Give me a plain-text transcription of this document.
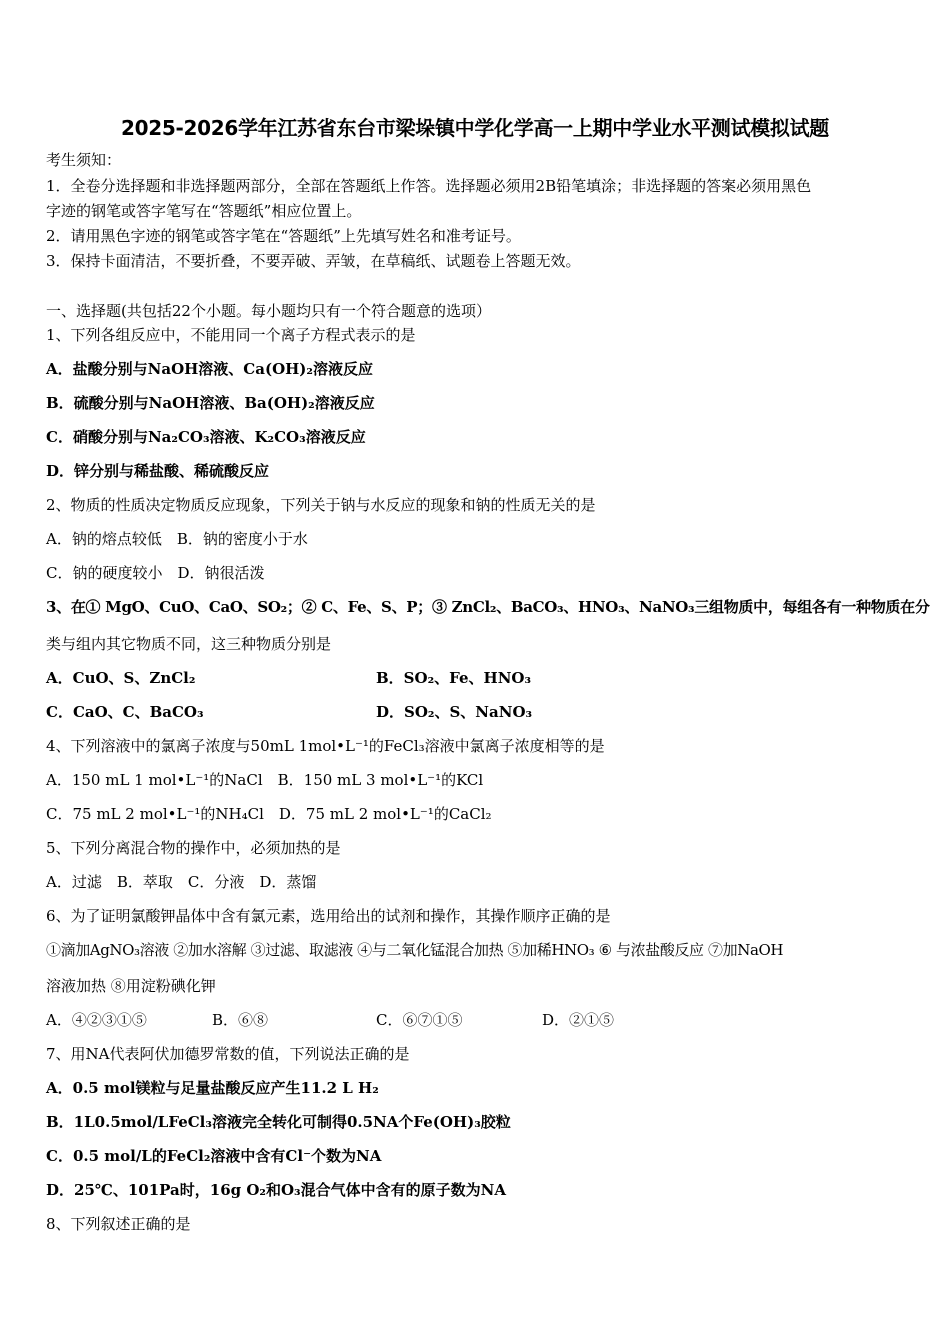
2025-2026学年江苏省东台市梁垛镇中学化学高一上期中学业水平测试模拟试题
考生须知：
1．全卷分选择题和非选择题两部分，全部在答题纸上作答。选择题必须用2B铅笔填涂；非选择题的答案必须用黑色
字迹的钢笔或答字笔写在“答题纸”相应位置上。
2．请用黑色字迹的钢笔或答字笔在“答题纸”上先填写姓名和准考证号。
3．保持卡面清洁，不要折叠，不要弄破、弄皱，在草稿纸、试题卷上答题无效。
一、选择题(共包括22个小题。每小题均只有一个符合题意的选项）
1、下列各组反应中，不能用同一个离子方程式表示的是
A．盐酸分别与NaOH溶液、Ca(OH)₂溶液反应
B．硫酸分别与NaOH溶液、Ba(OH)₂溶液反应
C．硝酸分别与Na₂CO₃溶液、K₂CO₃溶液反应
D．锌分别与稀盐酸、稀硫酸反应
2、物质的性质决定物质反应现象，下列关于钠与水反应的现象和钠的性质无关的是
A．钠的熔点较低　B．钠的密度小于水
C．钠的硬度较小　D．钠很活泼
3、在① MgO、CuO、CaO、SO₂；② C、Fe、S、P；③ ZnCl₂、BaCO₃、HNO₃、NaNO₃三组物质中，每组各有一种物质在分
类与组内其它物质不同，这三种物质分别是
A．CuO、S、ZnCl₂	B．SO₂、Fe、HNO₃
C．CaO、C、BaCO₃	D．SO₂、S、NaNO₃
4、下列溶液中的氯离子浓度与50mL 1mol•L⁻¹的FeCl₃溶液中氯离子浓度相等的是
A．150 mL 1 mol•L⁻¹的NaCl　B．150 mL 3 mol•L⁻¹的KCl
C．75 mL 2 mol•L⁻¹的NH₄Cl　D．75 mL 2 mol•L⁻¹的CaCl₂
5、下列分离混合物的操作中，必须加热的是
A．过滤　B．萃取　C．分液　D．蒸馏
6、为了证明氯酸钾晶体中含有氯元素，选用给出的试剂和操作，其操作顺序正确的是
①滴加AgNO₃溶液 ②加水溶解 ③过滤、取滤液 ④与二氧化锰混合加热 ⑤加稀HNO₃ ⑥ 与浓盐酸反应 ⑦加NaOH
溶液加热 ⑧用淀粉碘化钾
A．④②③①⑤	B．⑥⑧	C．⑥⑦①⑤	D．②①⑤
7、用NA代表阿伏加德罗常数的值，下列说法正确的是
A．0.5 mol镁粒与足量盐酸反应产生11.2 L H₂
B．1L0.5mol/LFeCl₃溶液完全转化可制得0.5NA个Fe(OH)₃胶粒
C．0.5 mol/L的FeCl₂溶液中含有Cl⁻个数为NA
D．25℃、101Pa时，16g O₂和O₃混合气体中含有的原子数为NA
8、下列叙述正确的是
